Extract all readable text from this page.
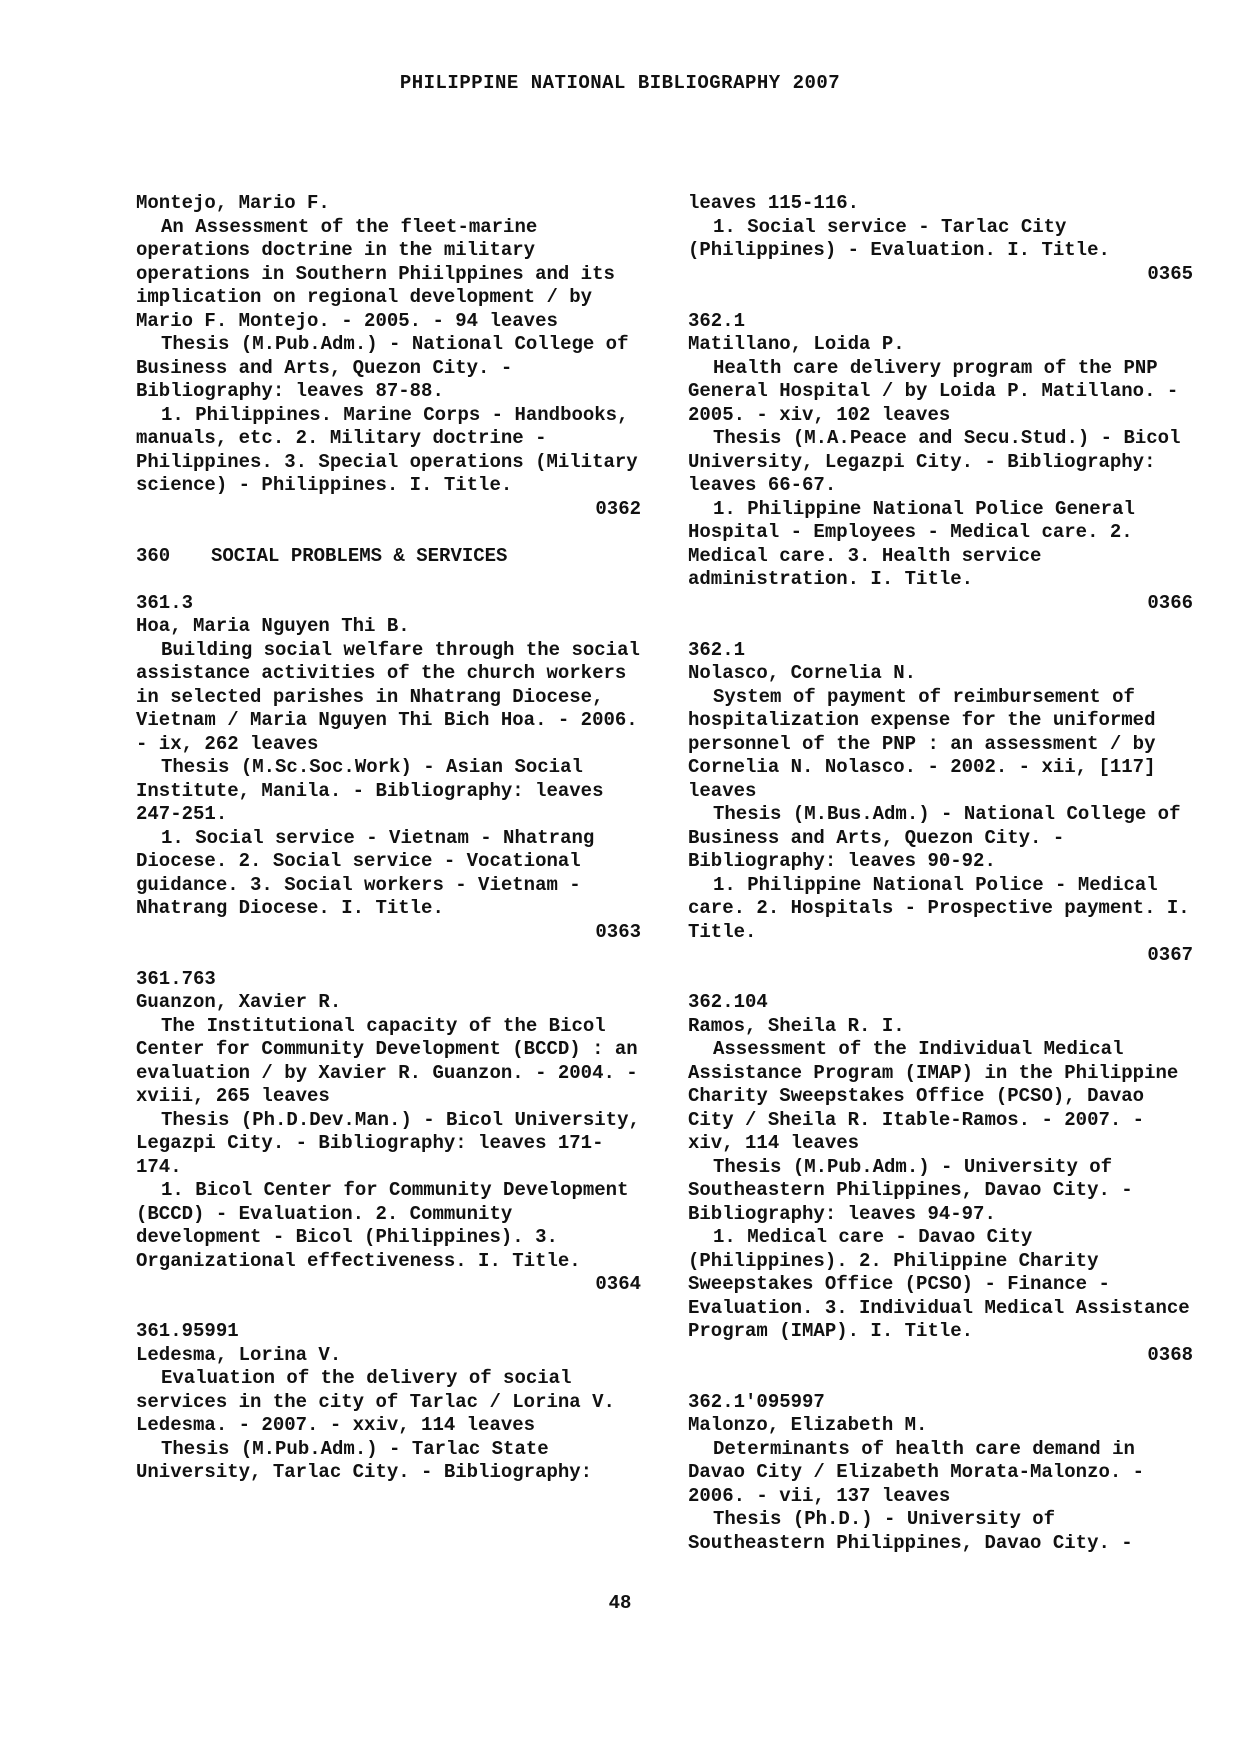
PHILIPPINE NATIONAL BIBLIOGRAPHY 2007

Montejo, Mario F.

An Assessment of the fleet-marine operations doctrine in the military operations in Southern Phiilppines and its implication on regional development / by Mario F. Montejo. - 2005. - 94 leaves

Thesis (M.Pub.Adm.) - National College of Business and Arts, Quezon City. - Bibliography: leaves 87-88.

1. Philippines. Marine Corps - Handbooks, manuals, etc. 2. Military doctrine - Philippines. 3. Special operations (Military science) - Philippines. I. Title.

0362

360 SOCIAL PROBLEMS & SERVICES

361.3

Hoa, Maria Nguyen Thi B.

Building social welfare through the social assistance activities of the church workers in selected parishes in Nhatrang Diocese, Vietnam / Maria Nguyen Thi Bich Hoa. - 2006. - ix, 262 leaves

Thesis (M.Sc.Soc.Work) - Asian Social Institute, Manila. - Bibliography: leaves 247-251.

1. Social service - Vietnam - Nhatrang Diocese. 2. Social service - Vocational guidance. 3. Social workers - Vietnam - Nhatrang Diocese. I. Title.

0363

361.763

Guanzon, Xavier R.

The Institutional capacity of the Bicol Center for Community Development (BCCD) : an evaluation / by Xavier R. Guanzon. - 2004. - xviii, 265 leaves

Thesis (Ph.D.Dev.Man.) - Bicol University, Legazpi City. - Bibliography: leaves 171-174.

1. Bicol Center for Community Development (BCCD) - Evaluation. 2. Community development - Bicol (Philippines). 3. Organizational effectiveness. I. Title.

0364

361.95991

Ledesma, Lorina V.

Evaluation of the delivery of social services in the city of Tarlac / Lorina V. Ledesma. - 2007. - xxiv, 114 leaves

Thesis (M.Pub.Adm.) - Tarlac State University, Tarlac City. - Bibliography:

leaves 115-116.

1. Social service - Tarlac City (Philippines) - Evaluation. I. Title.

0365

362.1

Matillano, Loida P.

Health care delivery program of the PNP General Hospital / by Loida P. Matillano. - 2005. - xiv, 102 leaves

Thesis (M.A.Peace and Secu.Stud.) - Bicol University, Legazpi City. - Bibliography: leaves 66-67.

1. Philippine National Police General Hospital - Employees - Medical care. 2. Medical care. 3. Health service administration. I. Title.

0366

362.1

Nolasco, Cornelia N.

System of payment of reimbursement of hospitalization expense for the uniformed personnel of the PNP : an assessment / by Cornelia N. Nolasco. - 2002. - xii, [117] leaves

Thesis (M.Bus.Adm.) - National College of Business and Arts, Quezon City. - Bibliography: leaves 90-92.

1. Philippine National Police - Medical care. 2. Hospitals - Prospective payment. I. Title.

0367

362.104

Ramos, Sheila R. I.

Assessment of the Individual Medical Assistance Program (IMAP) in the Philippine Charity Sweepstakes Office (PCSO), Davao City / Sheila R. Itable-Ramos. - 2007. - xiv, 114 leaves

Thesis (M.Pub.Adm.) - University of Southeastern Philippines, Davao City. - Bibliography: leaves 94-97.

1. Medical care - Davao City (Philippines). 2. Philippine Charity Sweepstakes Office (PCSO) - Finance - Evaluation. 3. Individual Medical Assistance Program (IMAP). I. Title.

0368

362.1'095997

Malonzo, Elizabeth M.

Determinants of health care demand in Davao City / Elizabeth Morata-Malonzo. - 2006. - vii, 137 leaves

Thesis (Ph.D.) - University of Southeastern Philippines, Davao City. -

48
